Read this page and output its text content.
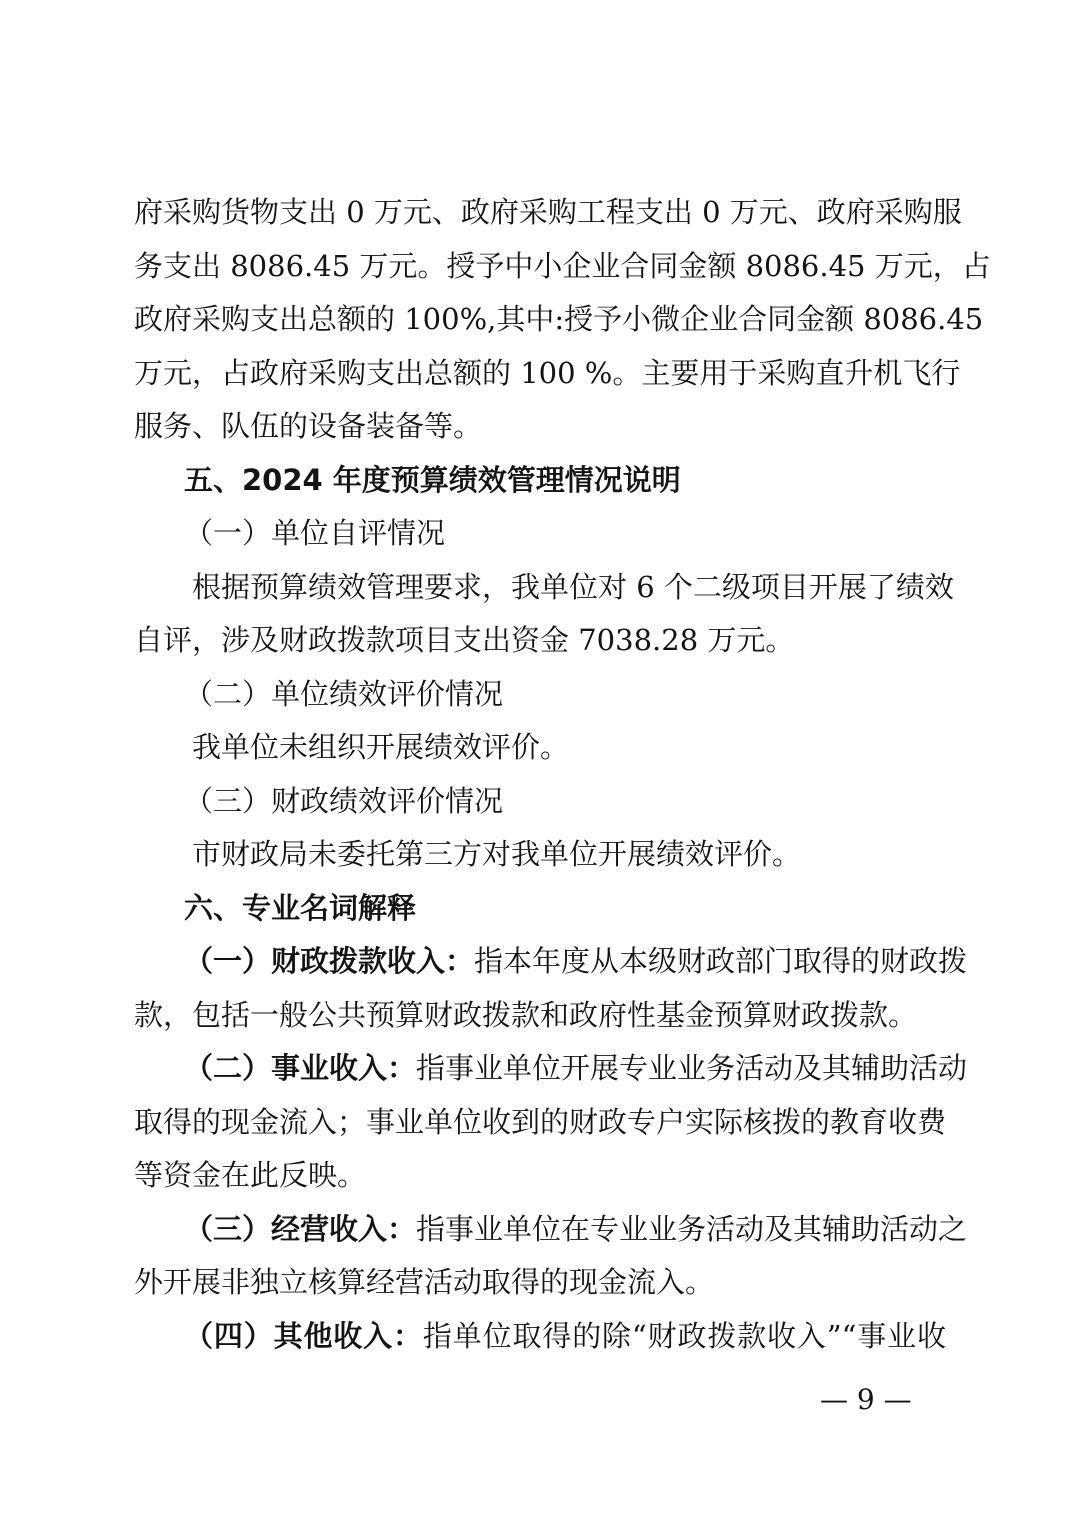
府采购货物支出 0 万元、政府采购工程支出 0 万元、政府采购服
务支出 8086.45 万元。授予中小企业合同金额 8086.45 万元，占
政府采购支出总额的 100%,其中:授予小微企业合同金额 8086.45
万元，占政府采购支出总额的 100 %。主要用于采购直升机飞行
服务、队伍的设备装备等。
五、2024 年度预算绩效管理情况说明
（一）单位自评情况
根据预算绩效管理要求，我单位对 6 个二级项目开展了绩效
自评，涉及财政拨款项目支出资金 7038.28 万元。
（二）单位绩效评价情况
我单位未组织开展绩效评价。
（三）财政绩效评价情况
市财政局未委托第三方对我单位开展绩效评价。
六、专业名词解释
（一）财政拨款收入：指本年度从本级财政部门取得的财政拨
款，包括一般公共预算财政拨款和政府性基金预算财政拨款。
（二）事业收入：指事业单位开展专业业务活动及其辅助活动
取得的现金流入；事业单位收到的财政专户实际核拨的教育收费
等资金在此反映。
（三）经营收入：指事业单位在专业业务活动及其辅助活动之
外开展非独立核算经营活动取得的现金流入。
（四）其他收入：指单位取得的除“财政拨款收入”“事业收
— 9 —
